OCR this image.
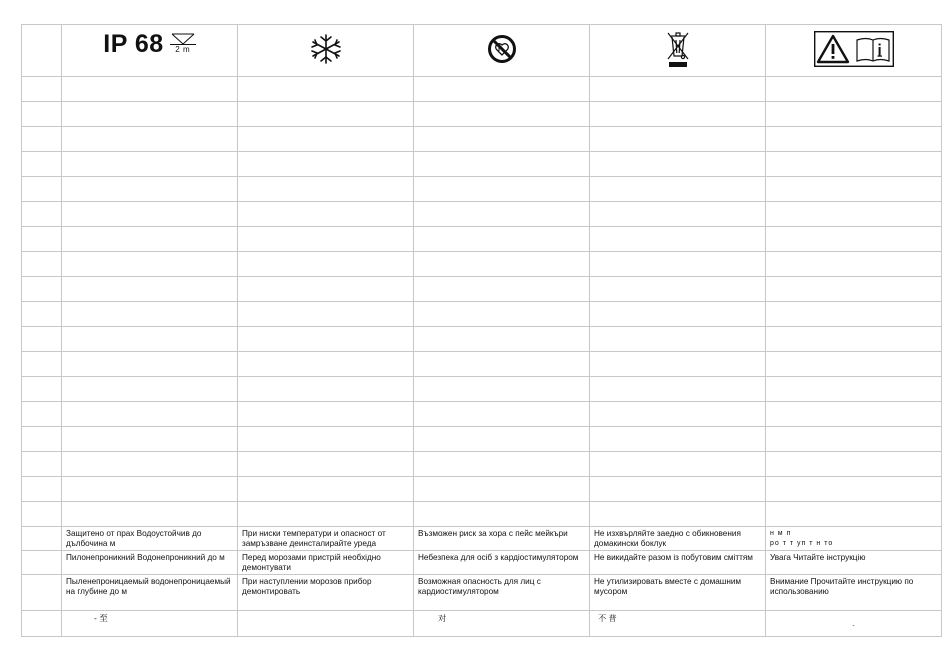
	IP 68 2 m

	Защитено от прах Водоустойчив до дълбочина м	При ниски температури и опасност от замръзване деинсталирайте уреда	Възможен риск за хора с пейс мейкъри	Не изхвърляйте заедно с обикновения домакински боклук	н м п
ро т т уп т н то

	Пилонепроникний Водонепроникний до м	Перед морозами пристрій необхідно демонтувати	Небезпека для осіб з кардіостимулятором	Не викидайте разом із побутовим сміттям	Увага Читайте інструкцію
	Пыленепроницаемый водонепроницаемый на глубине до м	При наступлении морозов прибор демонтировать	Возможная опасность для лиц с кардиостимулятором	Не утилизировать вместе с домашним мусором	Внимание Прочитайте инструкцию по использованию
	- 至		对	不 普	-
